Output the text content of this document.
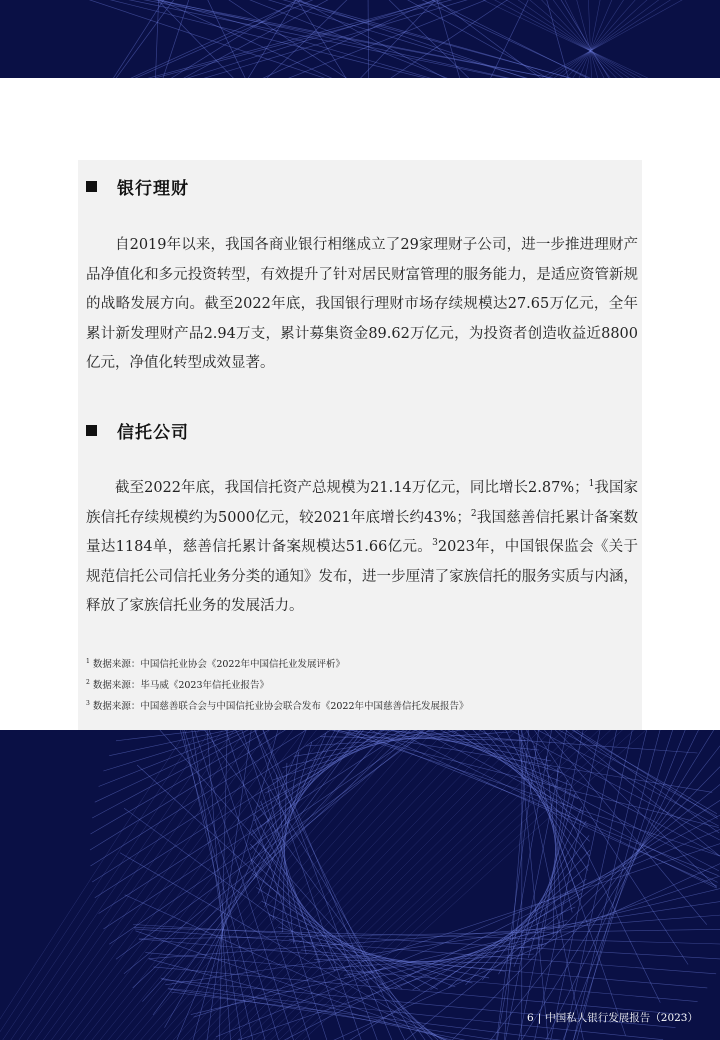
银行理财

自2019年以来，我国各商业银行相继成立了29家理财子公司，进一步推进理财产品净值化和多元投资转型，有效提升了针对居民财富管理的服务能力，是适应资管新规的战略发展方向。截至2022年底，我国银行理财市场存续规模达27.65万亿元，全年累计新发理财产品2.94万支，累计募集资金89.62万亿元，为投资者创造收益近8800亿元，净值化转型成效显著。

信托公司

截至2022年底，我国信托资产总规模为21.14万亿元，同比增长2.87%；$^1$我国家族信托存续规模约为5000亿元，较2021年底增长约43%；$^2$我国慈善信托累计备案数量达1184单，慈善信托累计备案规模达51.66亿元。$^3$2023年，中国银保监会《关于规范信托公司信托业务分类的通知》发布，进一步厘清了家族信托的服务实质与内涵，释放了家族信托业务的发展活力。

$^1$ 数据来源：中国信托业协会《2022年中国信托业发展评析》
$^2$ 数据来源：毕马威《2023年信托业报告》
$^3$ 数据来源：中国慈善联合会与中国信托业协会联合发布《2022年中国慈善信托发展报告》
6 | 中国私人银行发展报告（2023）
